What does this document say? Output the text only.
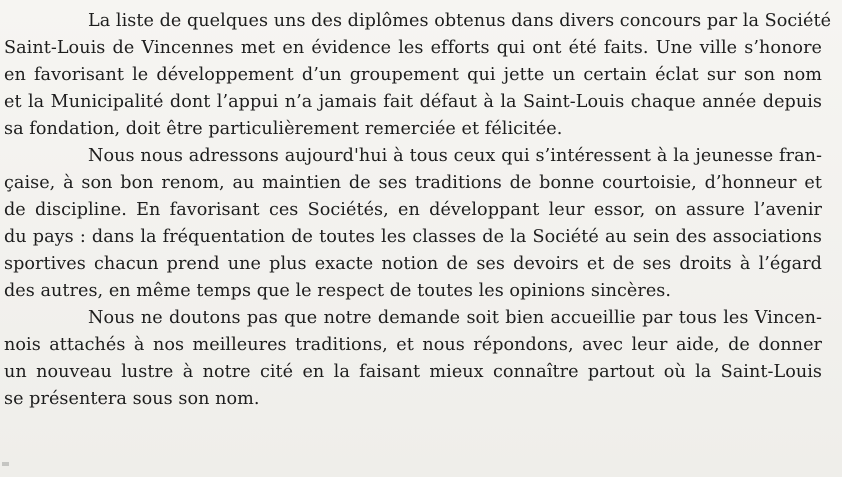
La liste de quelques uns des diplômes obtenus dans divers concours par la Société
Saint-Louis de Vincennes met en évidence les efforts qui ont été faits. Une ville s’honore
en favorisant le développement d’un groupement qui jette un certain éclat sur son nom
et la Municipalité dont l’appui n’a jamais fait défaut à la Saint-Louis chaque année depuis
sa fondation, doit être particulièrement remerciée et félicitée.
Nous nous adressons aujourd'hui à tous ceux qui s’intéressent à la jeunesse fran-
çaise, à son bon renom, au maintien de ses traditions de bonne courtoisie, d’honneur et
de discipline. En favorisant ces Sociétés, en développant leur essor, on assure l’avenir
du pays : dans la fréquentation de toutes les classes de la Société au sein des associations
sportives chacun prend une plus exacte notion de ses devoirs et de ses droits à l’égard
des autres, en même temps que le respect de toutes les opinions sincères.
Nous ne doutons pas que notre demande soit bien accueillie par tous les Vincen-
nois attachés à nos meilleures traditions, et nous répondons, avec leur aide, de donner
un nouveau lustre à notre cité en la faisant mieux connaître partout où la Saint-Louis
se présentera sous son nom.
